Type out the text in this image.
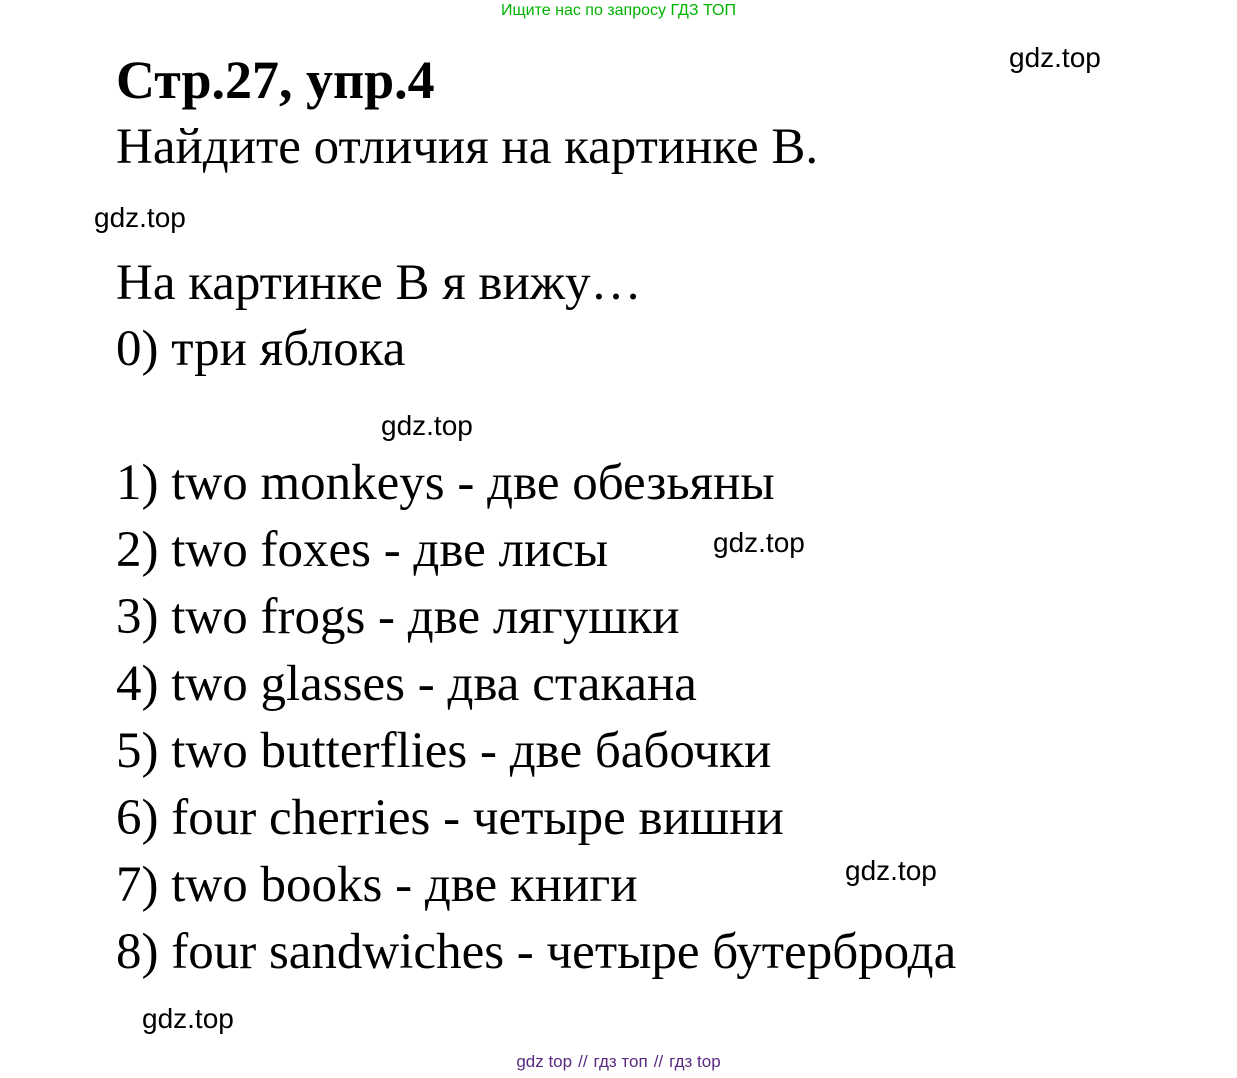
Ищите нас по запросу ГДЗ ТОП
Стр.27, упр.4	gdz.top
Найдите отличия на картинке B.
gdz.top
На картинке B я вижу…
0) три яблока
gdz.top
1) two monkeys - две обезьяны
2) two foxes - две лисы	gdz.top
3) two frogs - две лягушки
4) two glasses - два стакана
5) two butterflies - две бабочки
6) four cherries - четыре вишни
7) two books - две книги	gdz.top
8) four sandwiches - четыре бутерброда
gdz.top
gdz top // гдз топ // гдз top
